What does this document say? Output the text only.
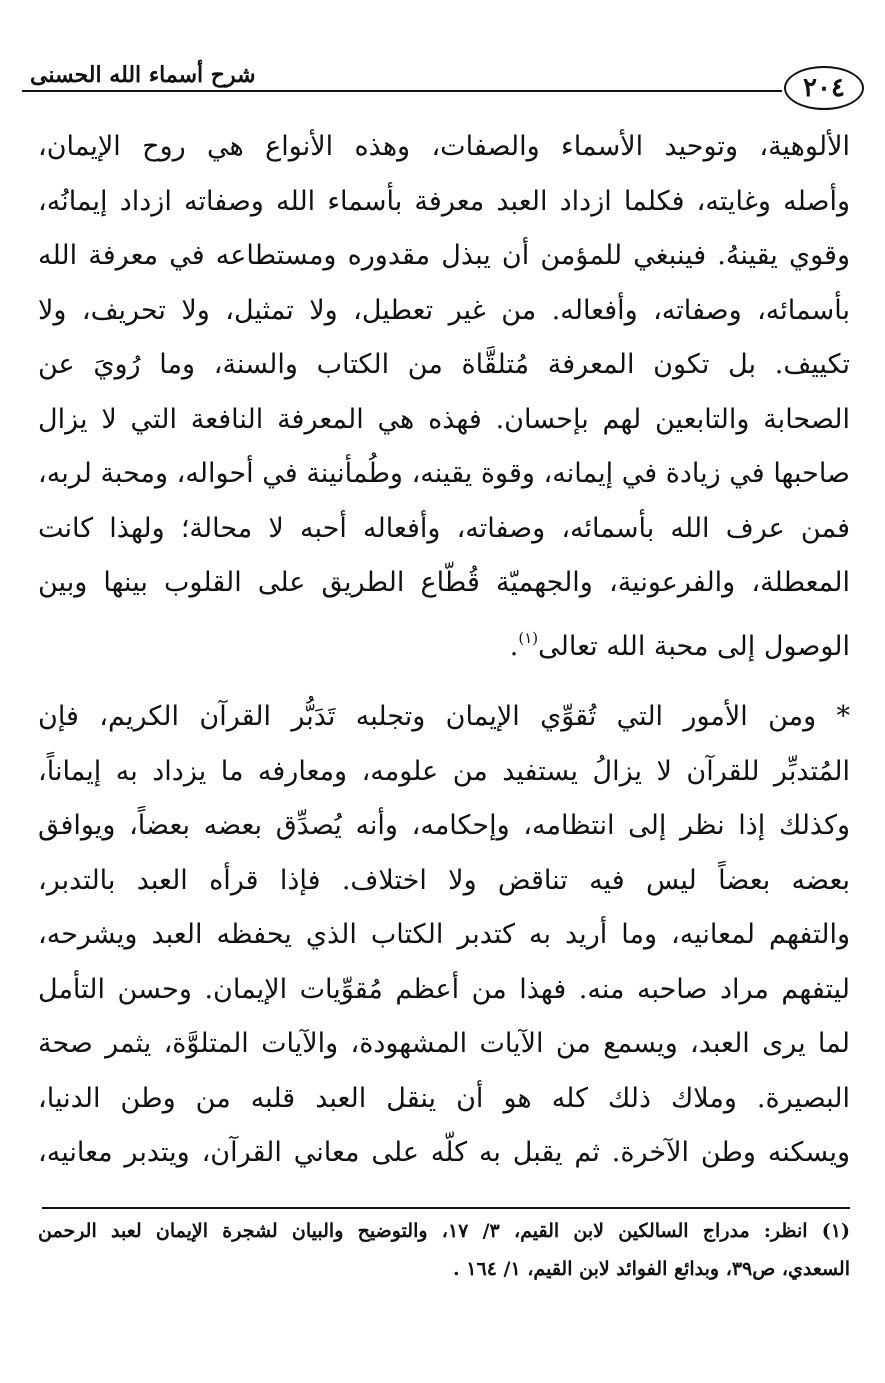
شرح أسماء الله الحسنى	٢٠٤
الألوهية، وتوحيد الأسماء والصفات، وهذه الأنواع هي روح الإيمان،
وأصله وغايته، فكلما ازداد العبد معرفة بأسماء الله وصفاته ازداد إيمانُه،
وقوي يقينهُ. فينبغي للمؤمن أن يبذل مقدوره ومستطاعه في معرفة الله
بأسمائه، وصفاته، وأفعاله. من غير تعطيل، ولا تمثيل، ولا تحريف، ولا
تكييف. بل تكون المعرفة مُتلقَّاة من الكتاب والسنة، وما رُويَ عن
الصحابة والتابعين لهم بإحسان. فهذه هي المعرفة النافعة التي لا يزال
صاحبها في زيادة في إيمانه، وقوة يقينه، وطُمأنينة في أحواله، ومحبة لربه،
فمن عرف الله بأسمائه، وصفاته، وأفعاله أحبه لا محالة؛ ولهذا كانت
المعطلة، والفرعونية، والجهميّة قُطّاع الطريق على القلوب بينها وبين
الوصول إلى محبة الله تعالى$^{(١)}$.
* ومن الأمور التي تُقوِّي الإيمان وتجلبه تَدَبُّر القرآن الكريم، فإن
المُتدبِّر للقرآن لا يزالُ يستفيد من علومه، ومعارفه ما يزداد به إيماناً،
وكذلك إذا نظر إلى انتظامه، وإحكامه، وأنه يُصدِّق بعضه بعضاً، ويوافق
بعضه بعضاً ليس فيه تناقض ولا اختلاف. فإذا قرأه العبد بالتدبر،
والتفهم لمعانيه، وما أريد به كتدبر الكتاب الذي يحفظه العبد ويشرحه،
ليتفهم مراد صاحبه منه. فهذا من أعظم مُقوِّيات الإيمان. وحسن التأمل
لما يرى العبد، ويسمع من الآيات المشهودة، والآيات المتلوَّة، يثمر صحة
البصيرة. وملاك ذلك كله هو أن ينقل العبد قلبه من وطن الدنيا،
ويسكنه وطن الآخرة. ثم يقبل به كلّه على معاني القرآن، ويتدبر معانيه،
(١) انظر: مدراج السالكين لابن القيم، ٣/ ١٧، والتوضيح والبيان لشجرة الإيمان لعبد الرحمن
السعدي، ص٣٩، وبدائع الفوائد لابن القيم، ١/ ١٦٤ .
